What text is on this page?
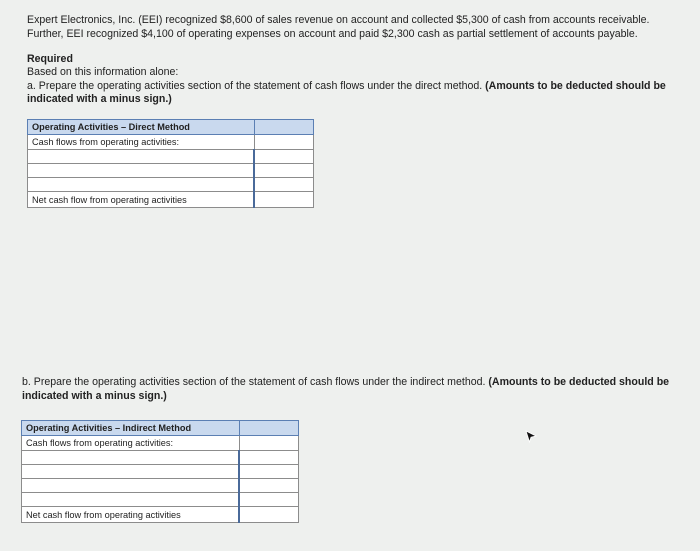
Expert Electronics, Inc. (EEI) recognized $8,600 of sales revenue on account and collected $5,300 of cash from accounts receivable. Further, EEI recognized $4,100 of operating expenses on account and paid $2,300 cash as partial settlement of accounts payable.
Required
Based on this information alone:
a. Prepare the operating activities section of the statement of cash flows under the direct method. (Amounts to be deducted should be indicated with a minus sign.)
Operating Activities – Direct Method	
Cash flows from operating activities:	

Net cash flow from operating activities	
b. Prepare the operating activities section of the statement of cash flows under the indirect method. (Amounts to be deducted should be indicated with a minus sign.)
Operating Activities – Indirect Method	
Cash flows from operating activities:	

Net cash flow from operating activities	
